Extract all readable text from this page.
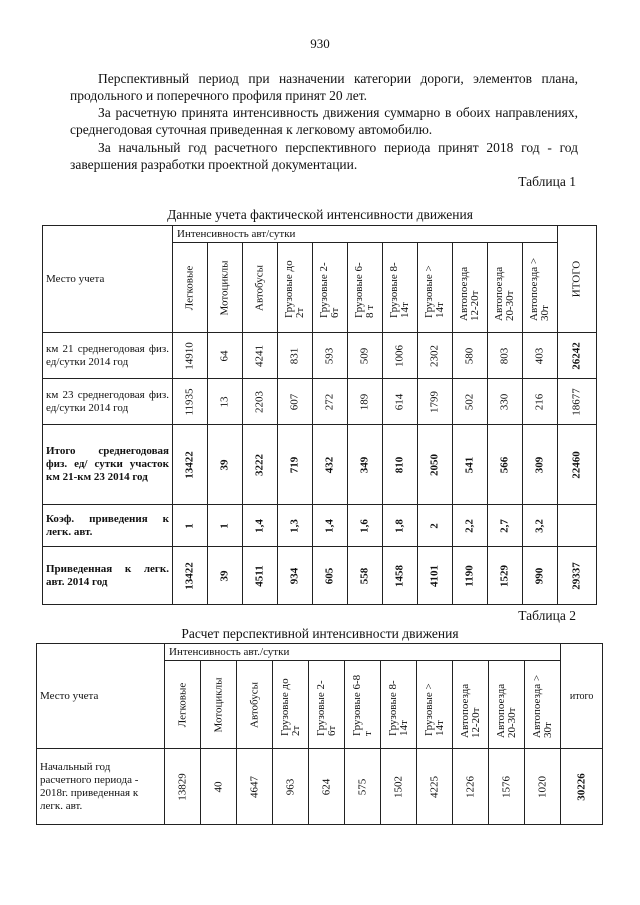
930

Перспективный период при назначении категории дороги, элементов плана, продольного и поперечного профиля принят 20 лет.

За расчетную принята интенсивность движения суммарно в обоих направлениях, среднегодовая суточная приведенная к легковому автомобилю.

За начальный год расчетного перспективного периода принят 2018 год - год завершения разработки проектной документации.

Таблица 1
Данные учета фактической интенсивности движения
Место учета	Интенсивность авт/сутки											ИТОГО

	Легковые	Мотоциклы	Автобусы	Грузовые до 2т	Грузовые 2-6т	Грузовые 6-8 т	Грузовые 8-14т	Грузовые > 14т	Автопоезда 12-20т	Автопоезда 20-30т	Автопоезда > 30т	

км 21 среднегодовая физ. ед/сутки 2014 год	14910	64	4241	831	593	509	1006	2302	580	803	403	26242

км 23 среднегодовая физ. ед/сутки 2014 год	11935	13	2203	607	272	189	614	1799	502	330	216	18677

Итого среднегодовая физ. ед/ сутки участок км 21-км 23 2014 год	13422	39	3222	719	432	349	810	2050	541	566	309	22460

Коэф. приведения к легк. авт.	1	1	1,4	1,3	1,4	1,6	1,8	2	2,2	2,7	3,2	

Приведенная к легк. авт. 2014 год	13422	39	4511	934	605	558	1458	4101	1190	1529	990	29337
Таблица 2
Расчет перспективной интенсивности движения
Место учета	Интенсивность авт./сутки											итого

	Легковые	Мотоциклы	Автобусы	Грузовые до 2т	Грузовые 2-6т	Грузовые 6-8 т	Грузовые 8-14т	Грузовые > 14т	Автопоезда 12-20т	Автопоезда 20-30т	Автопоезда > 30т	

Начальный год расчетного периода - 2018г. приведенная к легк. авт.	13829	40	4647	963	624	575	1502	4225	1226	1576	1020	30226
